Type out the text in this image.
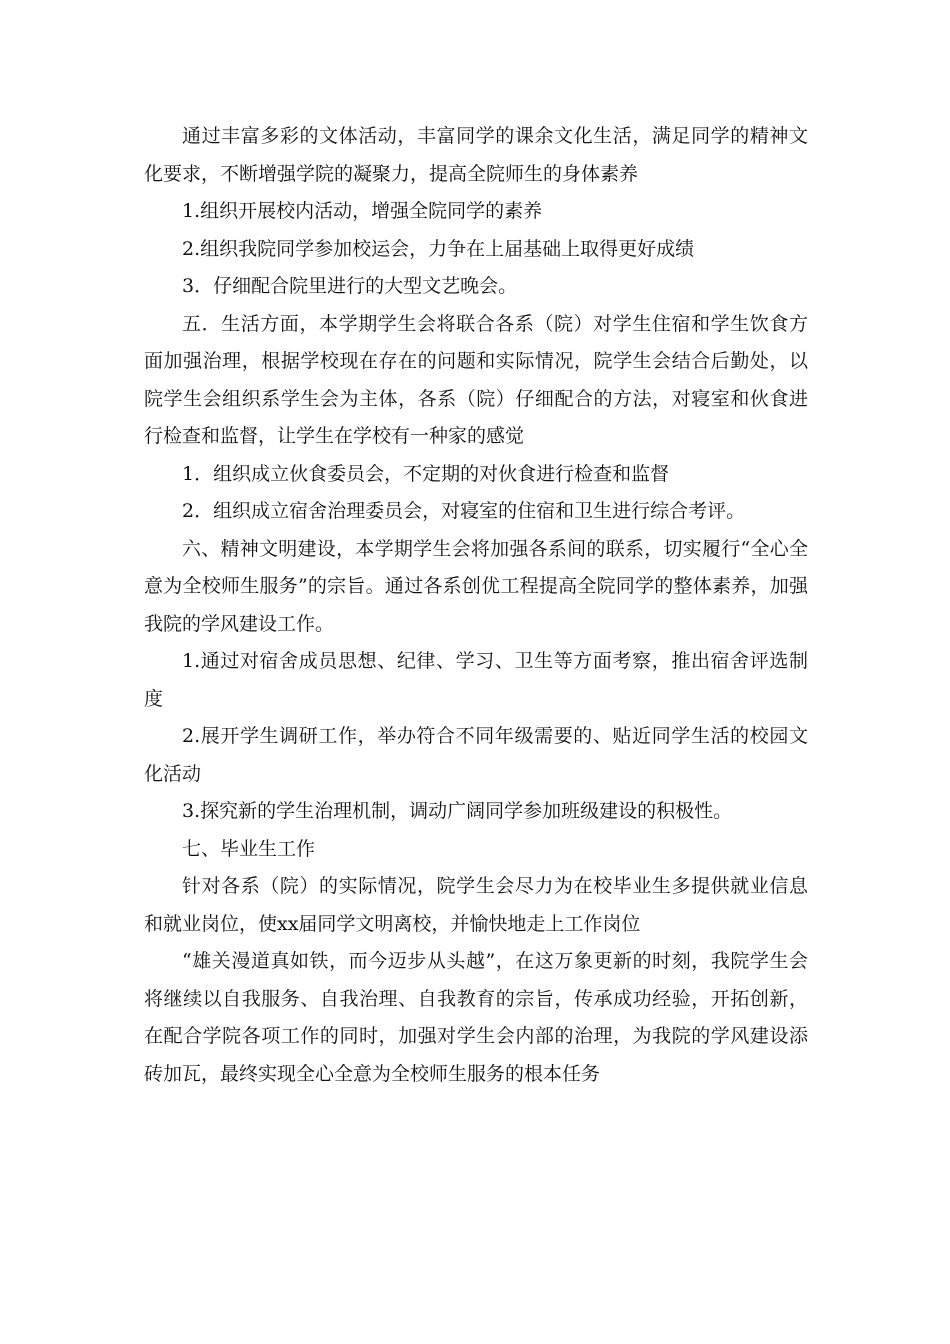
通过丰富多彩的文体活动，丰富同学的课余文化生活，满足同学的精神文化要求，不断增强学院的凝聚力，提高全院师生的身体素养

1.组织开展校内活动，增强全院同学的素养

2.组织我院同学参加校运会，力争在上届基础上取得更好成绩

3．仔细配合院里进行的大型文艺晚会。

五．生活方面，本学期学生会将联合各系（院）对学生住宿和学生饮食方面加强治理，根据学校现在存在的问题和实际情况，院学生会结合后勤处，以院学生会组织系学生会为主体，各系（院）仔细配合的方法，对寝室和伙食进行检查和监督，让学生在学校有一种家的感觉

1．组织成立伙食委员会，不定期的对伙食进行检查和监督

2．组织成立宿舍治理委员会，对寝室的住宿和卫生进行综合考评。

六、精神文明建设，本学期学生会将加强各系间的联系，切实履行“全心全意为全校师生服务”的宗旨。通过各系创优工程提高全院同学的整体素养，加强我院的学风建设工作。

1.通过对宿舍成员思想、纪律、学习、卫生等方面考察，推出宿舍评选制度

2.展开学生调研工作，举办符合不同年级需要的、贴近同学生活的校园文化活动

3.探究新的学生治理机制，调动广阔同学参加班级建设的积极性。

七、毕业生工作

针对各系（院）的实际情况，院学生会尽力为在校毕业生多提供就业信息和就业岗位，使xx届同学文明离校，并愉快地走上工作岗位

“雄关漫道真如铁，而今迈步从头越”，在这万象更新的时刻，我院学生会将继续以自我服务、自我治理、自我教育的宗旨，传承成功经验，开拓创新，在配合学院各项工作的同时，加强对学生会内部的治理，为我院的学风建设添砖加瓦，最终实现全心全意为全校师生服务的根本任务
